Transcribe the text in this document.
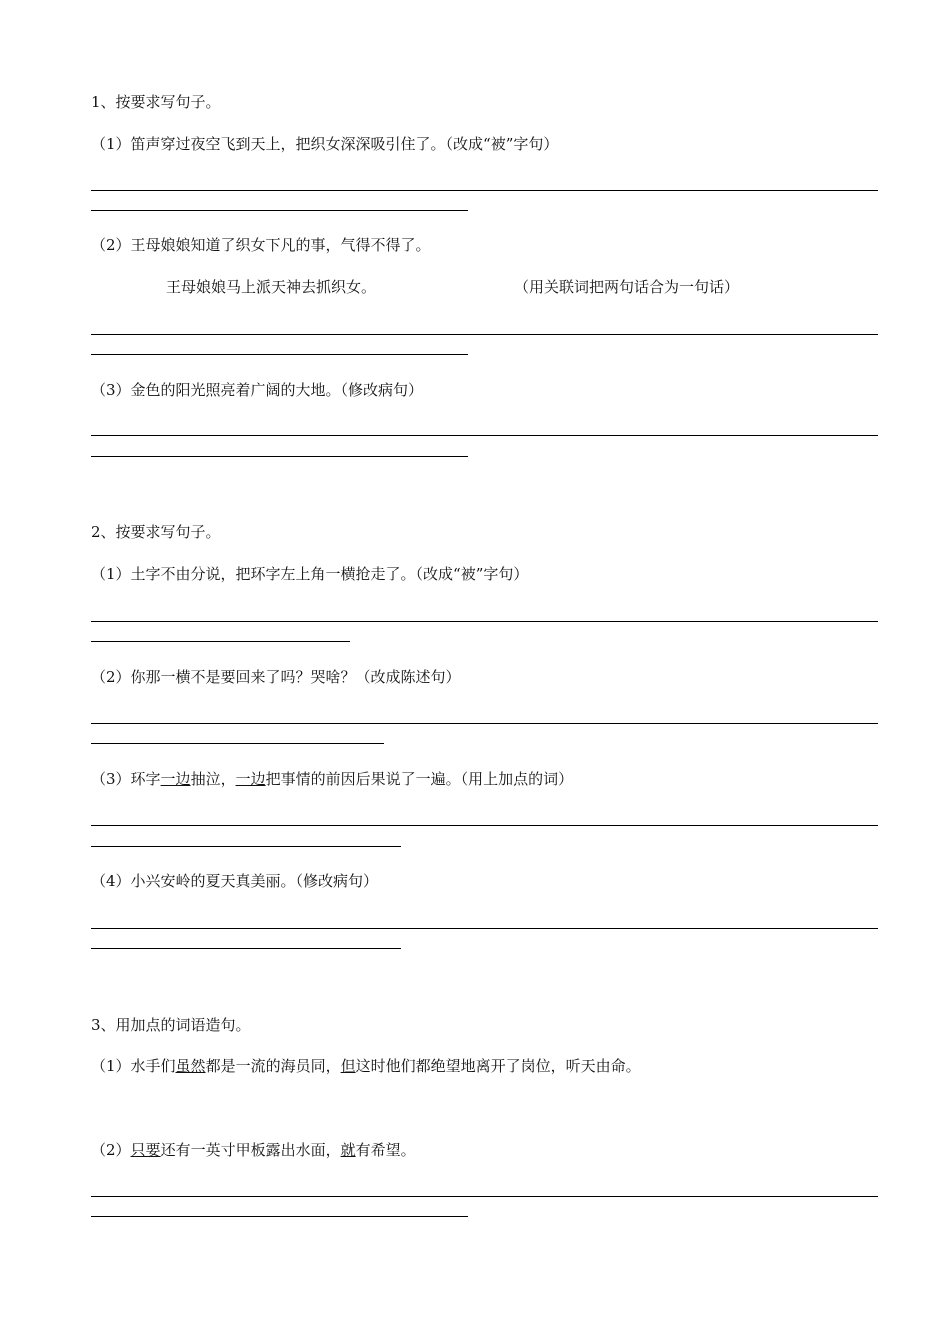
1、按要求写句子。

（1）笛声穿过夜空飞到天上，把织女深深吸引住了。（改成“被”字句）

（2）王母娘娘知道了织女下凡的事，气得不得了。

王母娘娘马上派天神去抓织女。	（用关联词把两句话合为一句话）

（3）金色的阳光照亮着广阔的大地。（修改病句）

2、按要求写句子。

（1）土字不由分说，把环字左上角一横抢走了。（改成“被”字句）

（2）你那一横不是要回来了吗？哭啥？（改成陈述句）

（3）环字一边抽泣，一边把事情的前因后果说了一遍。（用上加点的词）

（4）小兴安岭的夏天真美丽。（修改病句）

3、用加点的词语造句。

（1）水手们虽然都是一流的海员同，但这时他们都绝望地离开了岗位，听天由命。

（2）只要还有一英寸甲板露出水面，就有希望。
